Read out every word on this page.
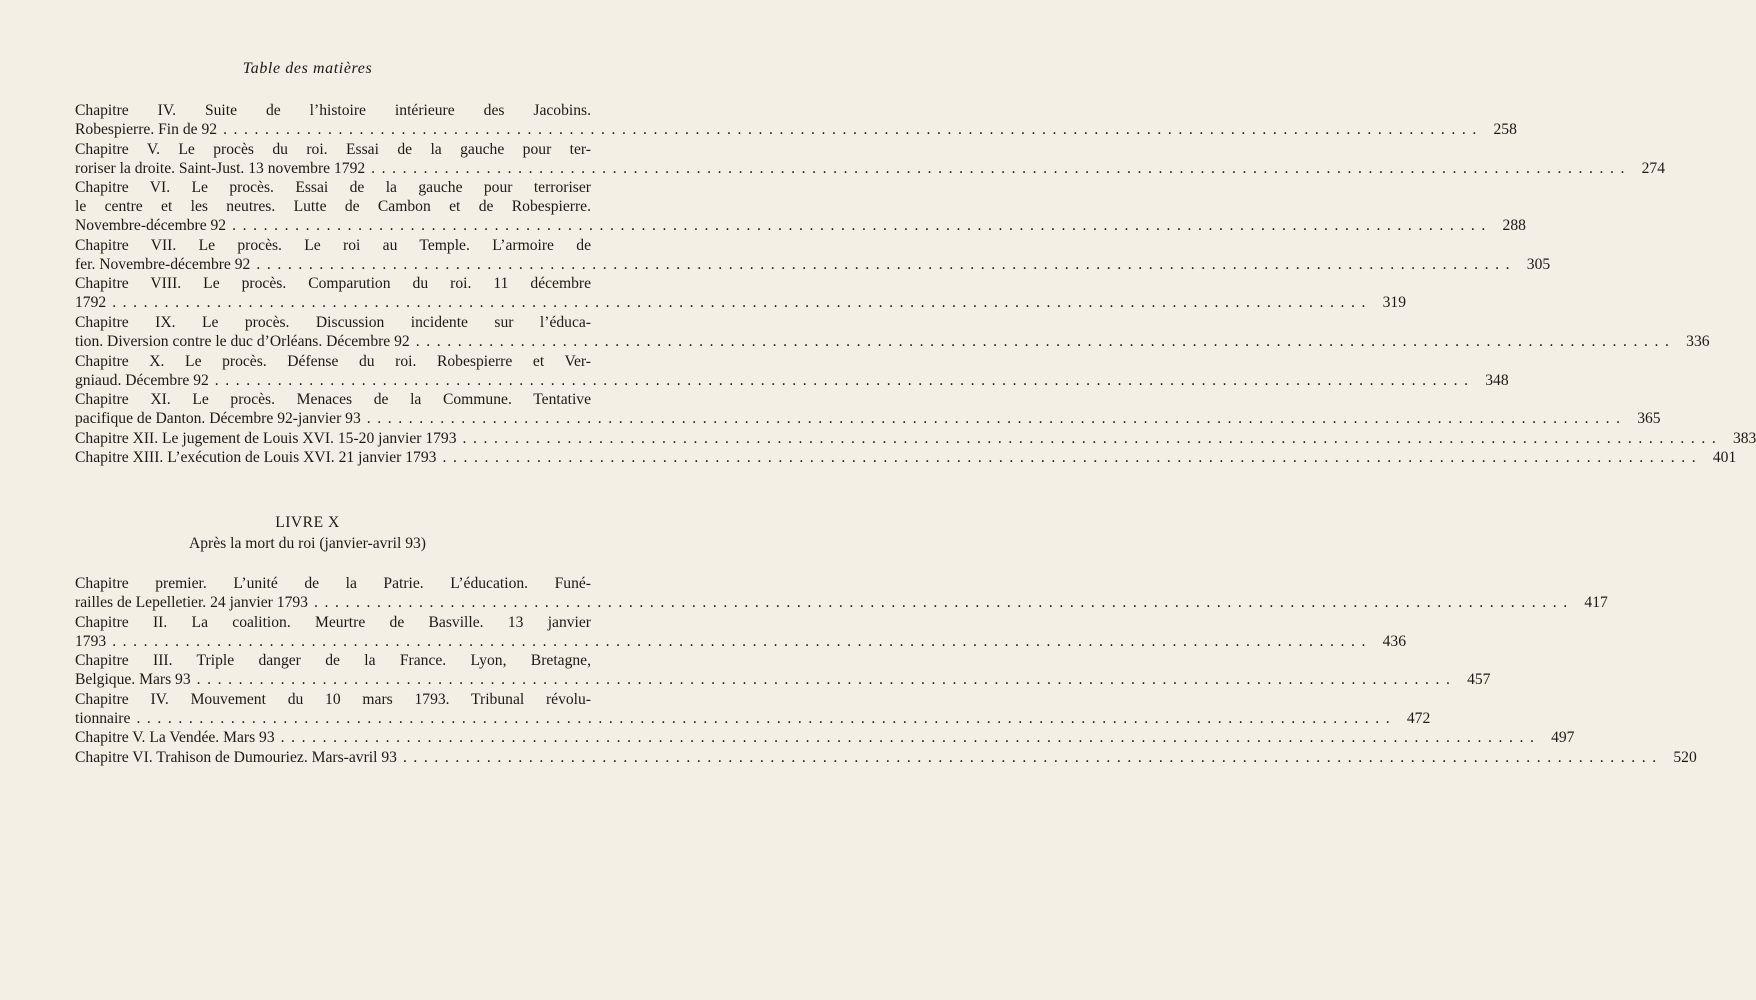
Table des matières
Chapitre IV. Suite de l’histoire intérieure des Jacobins.
Robespierre. Fin de 92 ........................................................................................................................ 258
Chapitre V. Le procès du roi. Essai de la gauche pour ter-
roriser la droite. Saint-Just. 13 novembre 1792 ........................................................................................................................ 274
Chapitre VI. Le procès. Essai de la gauche pour terroriser
le centre et les neutres. Lutte de Cambon et de Robespierre.
Novembre-décembre 92 ........................................................................................................................ 288
Chapitre VII. Le procès. Le roi au Temple. L’armoire de
fer. Novembre-décembre 92 ........................................................................................................................ 305
Chapitre VIII. Le procès. Comparution du roi. 11 décembre
1792 ........................................................................................................................ 319
Chapitre IX. Le procès. Discussion incidente sur l’éduca-
tion. Diversion contre le duc d’Orléans. Décembre 92 ........................................................................................................................ 336
Chapitre X. Le procès. Défense du roi. Robespierre et Ver-
gniaud. Décembre 92 ........................................................................................................................ 348
Chapitre XI. Le procès. Menaces de la Commune. Tentative
pacifique de Danton. Décembre 92-janvier 93 ........................................................................................................................ 365
Chapitre XII. Le jugement de Louis XVI. 15-20 janvier 1793 ........................................................................................................................ 383
Chapitre XIII. L’exécution de Louis XVI. 21 janvier 1793 ........................................................................................................................ 401
LIVRE X
Après la mort du roi (janvier-avril 93)
Chapitre premier. L’unité de la Patrie. L’éducation. Funé-
railles de Lepelletier. 24 janvier 1793 ........................................................................................................................ 417
Chapitre II. La coalition. Meurtre de Basville. 13 janvier
1793 ........................................................................................................................ 436
Chapitre III. Triple danger de la France. Lyon, Bretagne,
Belgique. Mars 93 ........................................................................................................................ 457
Chapitre IV. Mouvement du 10 mars 1793. Tribunal révolu-
tionnaire ........................................................................................................................ 472
Chapitre V. La Vendée. Mars 93 ........................................................................................................................ 497
Chapitre VI. Trahison de Dumouriez. Mars-avril 93 ........................................................................................................................ 520
